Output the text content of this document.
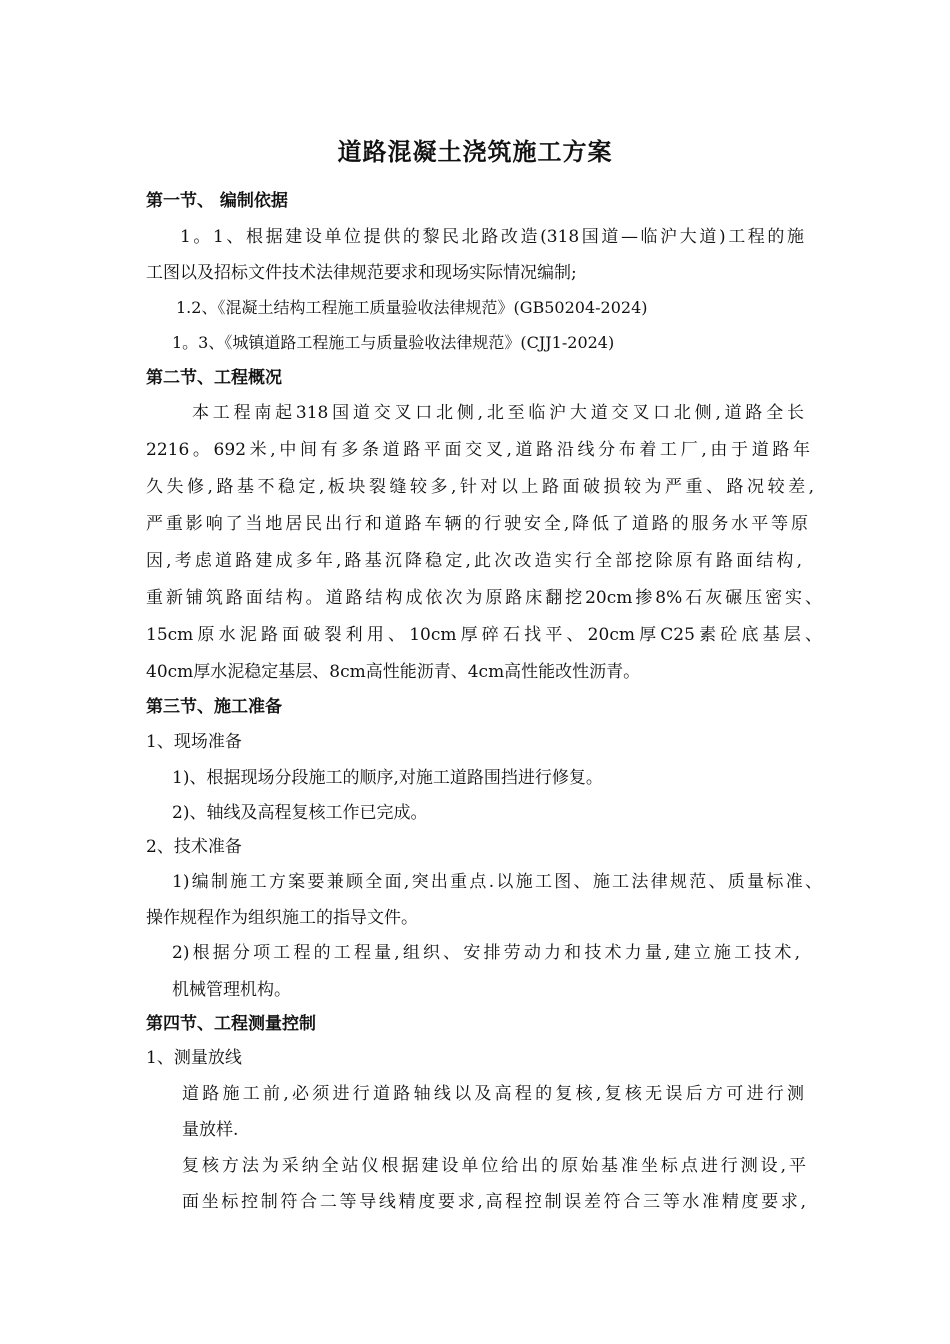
道路混凝土浇筑施工方案
第一节、 编制依据
1。1、根据建设单位提供的黎民北路改造(318国道—临沪大道)工程的施
工图以及招标文件技术法律规范要求和现场实际情况编制;
1.2、《混凝土结构工程施工质量验收法律规范》(GB50204-2024)
1。3、《城镇道路工程施工与质量验收法律规范》(CJJ1-2024)
第二节、工程概况
本工程南起318国道交叉口北侧,北至临沪大道交叉口北侧,道路全长
2216。692米,中间有多条道路平面交叉,道路沿线分布着工厂,由于道路年
久失修,路基不稳定,板块裂缝较多,针对以上路面破损较为严重、路况较差,
严重影响了当地居民出行和道路车辆的行驶安全,降低了道路的服务水平等原
因,考虑道路建成多年,路基沉降稳定,此次改造实行全部挖除原有路面结构,
重新铺筑路面结构。道路结构成依次为原路床翻挖20cm掺8%石灰碾压密实、
15cm原水泥路面破裂利用、10cm厚碎石找平、20cm厚C25素砼底基层、
40cm厚水泥稳定基层、8cm高性能沥青、4cm高性能改性沥青。
第三节、施工准备
1、现场准备
1)、根据现场分段施工的顺序,对施工道路围挡进行修复。
2)、轴线及高程复核工作已完成。
2、技术准备
1)编制施工方案要兼顾全面,突出重点.以施工图、施工法律规范、质量标准、
操作规程作为组织施工的指导文件。
2)根据分项工程的工程量,组织、安排劳动力和技术力量,建立施工技术,
机械管理机构。
第四节、工程测量控制
1、测量放线
道路施工前,必须进行道路轴线以及高程的复核,复核无误后方可进行测
量放样.
复核方法为采纳全站仪根据建设单位给出的原始基准坐标点进行测设,平
面坐标控制符合二等导线精度要求,高程控制误差符合三等水准精度要求,
